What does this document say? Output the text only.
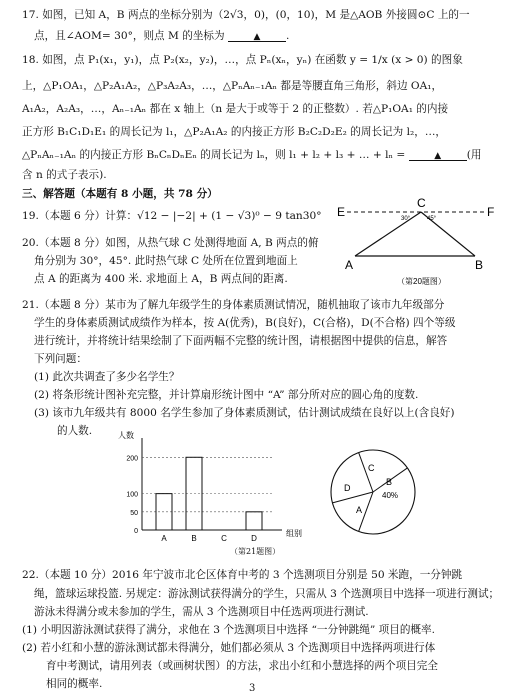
17. 如图，已知 A，B 两点的坐标分别为（2√3，0)，(0，10)，M 是△AOB 外接圆⊙C 上的一
点，且∠AOM= 30°，则点 M 的坐标为	▲ .
18. 如图，点 P₁(x₁，y₁)，点 P₂(x₂，y₂)，…，点 Pₙ(xₙ，yₙ) 在函数 y = 1/x (x > 0) 的图象
上，△P₁OA₁，△P₂A₁A₂，△P₃A₂A₃，…，△PₙAₙ₋₁Aₙ 都是等腰直角三角形，斜边 OA₁，
A₁A₂，A₂A₃，…，Aₙ₋₁Aₙ 都在 x 轴上（n 是大于或等于 2 的正整数）. 若△P₁OA₁ 的内接
正方形 B₁C₁D₁E₁ 的周长记为 l₁，△P₂A₁A₂ 的内接正方形 B₂C₂D₂E₂ 的周长记为 l₂，…，
△PₙAₙ₋₁Aₙ 的内接正方形 BₙCₙDₙEₙ 的周长记为 lₙ，则 l₁ + l₂ + l₃ + … + lₙ =	▲ (用
含 n 的式子表示).
三、解答题（本题有 8 小题，共 78 分）
19.（本题 6 分）计算：√12 − |−2| + (1 − √3)⁰ − 9 tan30°
20.（本题 8 分）如图，从热气球 C 处测得地面 A, B 两点的俯
角分别为 30°，45°. 此时热气球 C 处所在位置到地面上
点 A 的距离为 400 米. 求地面上 A，B 两点间的距离.
E
C
F
A	B
30°	45°
（第20题图）
21.（本题 8 分）某市为了解九年级学生的身体素质测试情况，随机抽取了该市九年级部分
学生的身体素质测试成绩作为样本，按 A(优秀)，B(良好)，C(合格)，D(不合格) 四个等级
进行统计，并将统计结果绘制了下面两幅不完整的统计图，请根据图中提供的信息，解答
下列问题：
(1) 此次共调查了多少名学生？
(2) 将条形统计图补充完整，并计算扇形统计图中 “A” 部分所对应的圆心角的度数.
(3) 该市九年级共有 8000 名学生参加了身体素质测试，估计测试成绩在良好以上(含良好)
的人数.
0
50
100
200
人数
组别
A	B	C	D
A
B
40%
C
D
（第21题图）
22.（本题 10 分）2016 年宁波市北仑区体育中考的 3 个选测项目分别是 50 米跑，一分钟跳
绳，篮球运球投篮. 另规定：游泳测试获得满分的学生，只需从 3 个选测项目中选择一项进行测试；
游泳未得满分或未参加的学生，需从 3 个选测项目中任选两项进行测试.
(1) 小明因游泳测试获得了满分，求他在 3 个选测项目中选择 “一分钟跳绳” 项目的概率.
(2) 若小红和小慧的游泳测试都未得满分，她们都必须从 3 个选测项目中选择两项进行体
育中考测试，请用列表（或画树状图）的方法，求出小红和小慧选择的两个项目完全
相同的概率.	3
